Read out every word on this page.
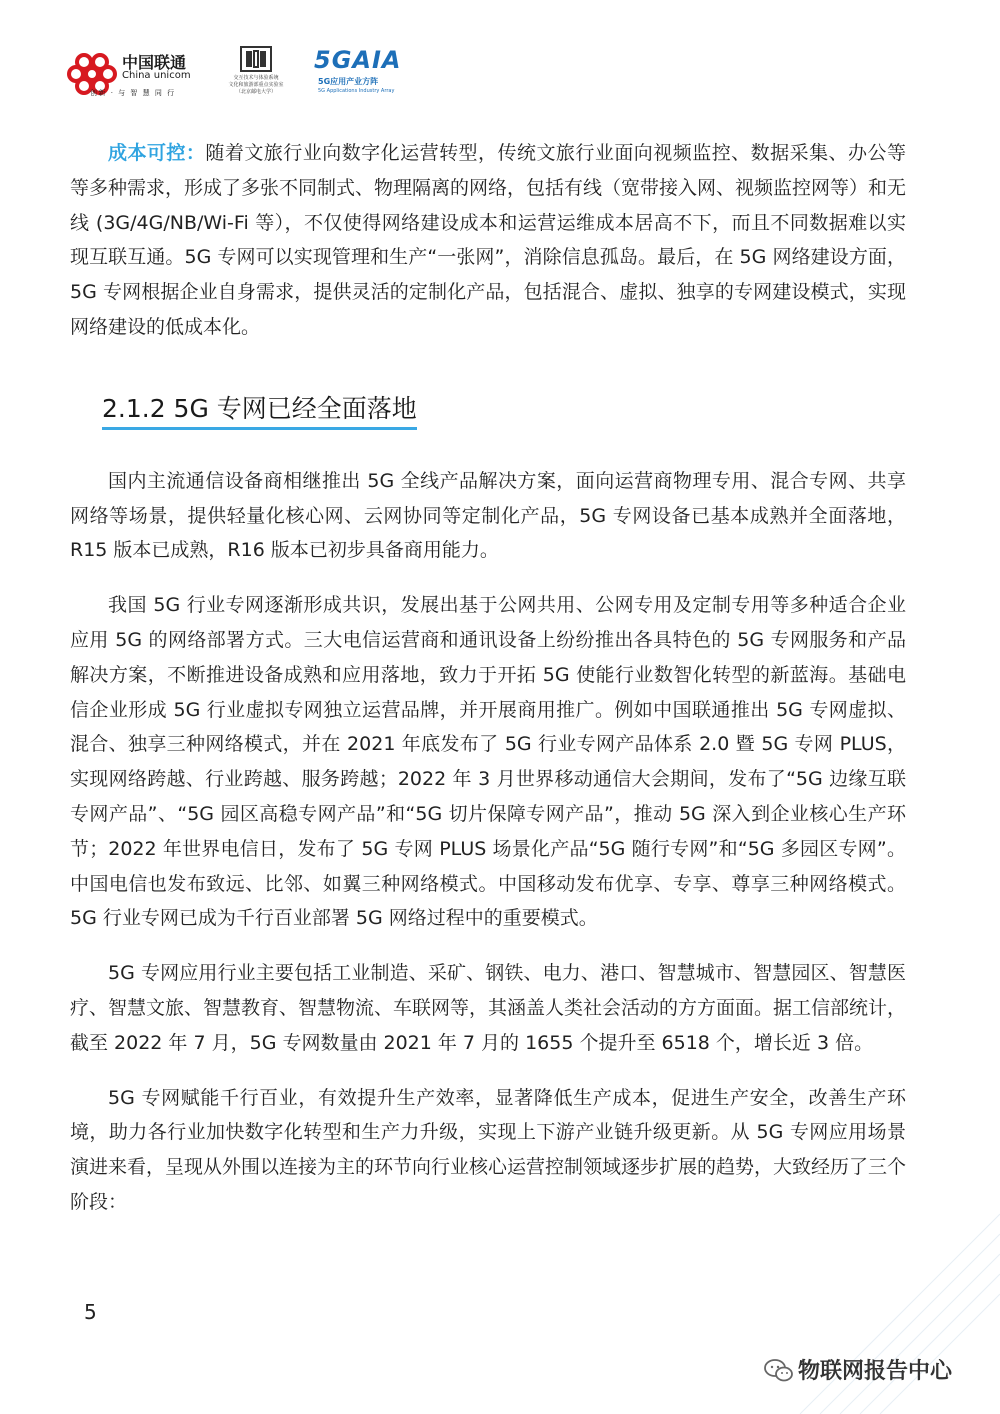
中国联通
China unicom
创新 · 与 智 慧 同 行
交互技术与体验系统
文化和旅游部重点实验室
（北京邮电大学）
5GAIA
5G应用产业方阵
5G Applications Industry Array

成本可控：随着文旅行业向数字化运营转型，传统文旅行业面向视频监控、数据采集、办公等等多种需求，形成了多张不同制式、物理隔离的网络，包括有线（宽带接入网、视频监控网等）和无线 (3G/4G/NB/Wi-Fi 等），不仅使得网络建设成本和运营运维成本居高不下，而且不同数据难以实现互联互通。5G 专网可以实现管理和生产“一张网”，消除信息孤岛。最后，在 5G 网络建设方面，5G 专网根据企业自身需求，提供灵活的定制化产品，包括混合、虚拟、独享的专网建设模式，实现网络建设的低成本化。

2.1.2 5G 专网已经全面落地

国内主流通信设备商相继推出 5G 全线产品解决方案，面向运营商物理专用、混合专网、共享网络等场景，提供轻量化核心网、云网协同等定制化产品，5G 专网设备已基本成熟并全面落地，R15 版本已成熟，R16 版本已初步具备商用能力。

我国 5G 行业专网逐渐形成共识，发展出基于公网共用、公网专用及定制专用等多种适合企业应用 5G 的网络部署方式。三大电信运营商和通讯设备上纷纷推出各具特色的 5G 专网服务和产品解决方案，不断推进设备成熟和应用落地，致力于开拓 5G 使能行业数智化转型的新蓝海。基础电信企业形成 5G 行业虚拟专网独立运营品牌，并开展商用推广。例如中国联通推出 5G 专网虚拟、混合、独享三种网络模式，并在 2021 年底发布了 5G 行业专网产品体系 2.0 暨 5G 专网 PLUS，实现网络跨越、行业跨越、服务跨越；2022 年 3 月世界移动通信大会期间，发布了“5G 边缘互联专网产品”、“5G 园区高稳专网产品”和“5G 切片保障专网产品”，推动 5G 深入到企业核心生产环节；2022 年世界电信日，发布了 5G 专网 PLUS 场景化产品“5G 随行专网”和“5G 多园区专网”。中国电信也发布致远、比邻、如翼三种网络模式。中国移动发布优享、专享、尊享三种网络模式。5G 行业专网已成为千行百业部署 5G 网络过程中的重要模式。

5G 专网应用行业主要包括工业制造、采矿、钢铁、电力、港口、智慧城市、智慧园区、智慧医疗、智慧文旅、智慧教育、智慧物流、车联网等，其涵盖人类社会活动的方方面面。据工信部统计，截至 2022 年 7 月，5G 专网数量由 2021 年 7 月的 1655 个提升至 6518 个，增长近 3 倍。

5G 专网赋能千行百业，有效提升生产效率，显著降低生产成本，促进生产安全，改善生产环境，助力各行业加快数字化转型和生产力升级，实现上下游产业链升级更新。从 5G 专网应用场景演进来看，呈现从外围以连接为主的环节向行业核心运营控制领域逐步扩展的趋势，大致经历了三个阶段：

5
物联网报告中心
